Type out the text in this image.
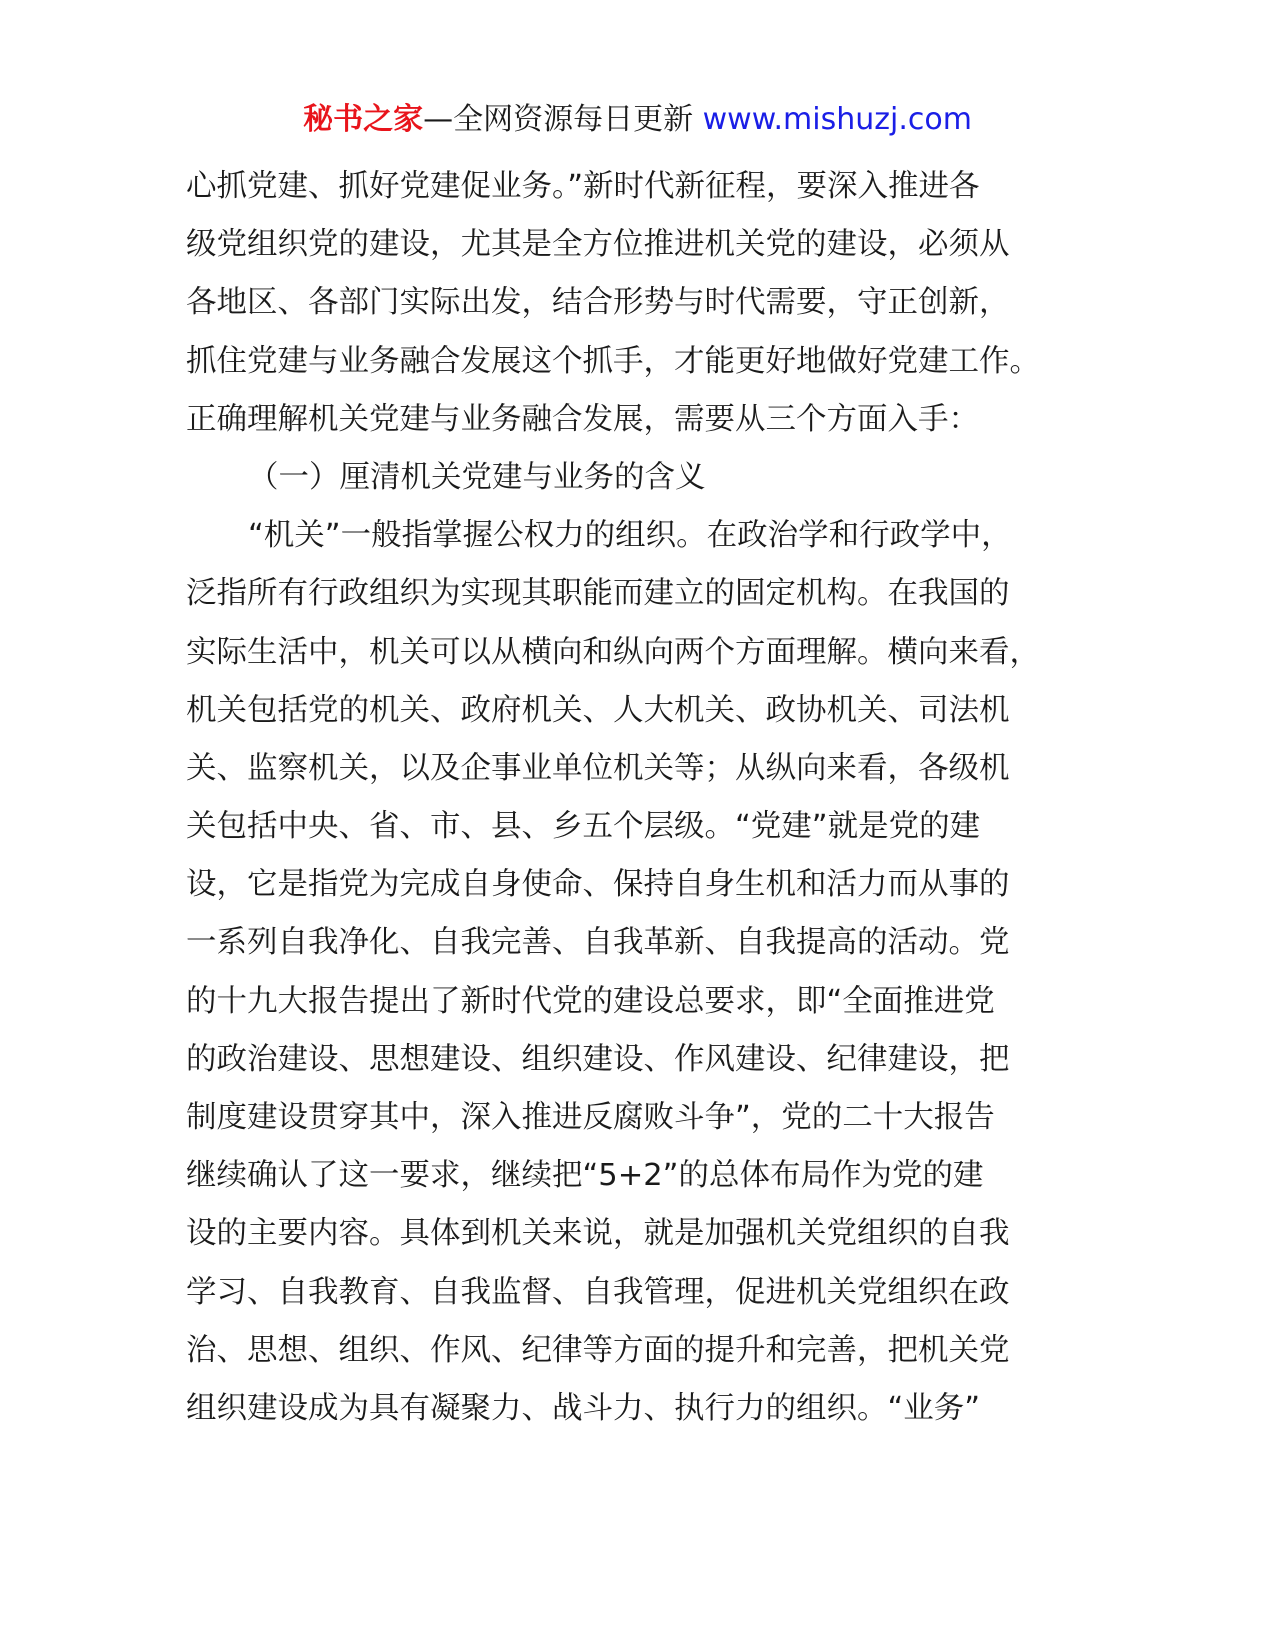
秘书之家—全网资源每日更新 www.mishuzj.com
心抓党建、抓好党建促业务。”新时代新征程，要深入推进各
级党组织党的建设，尤其是全方位推进机关党的建设，必须从
各地区、各部门实际出发，结合形势与时代需要，守正创新，
抓住党建与业务融合发展这个抓手，才能更好地做好党建工作。
正确理解机关党建与业务融合发展，需要从三个方面入手：
（一）厘清机关党建与业务的含义
“机关”一般指掌握公权力的组织。在政治学和行政学中，
泛指所有行政组织为实现其职能而建立的固定机构。在我国的
实际生活中，机关可以从横向和纵向两个方面理解。横向来看，
机关包括党的机关、政府机关、人大机关、政协机关、司法机
关、监察机关，以及企事业单位机关等；从纵向来看，各级机
关包括中央、省、市、县、乡五个层级。“党建”就是党的建
设，它是指党为完成自身使命、保持自身生机和活力而从事的
一系列自我净化、自我完善、自我革新、自我提高的活动。党
的十九大报告提出了新时代党的建设总要求，即“全面推进党
的政治建设、思想建设、组织建设、作风建设、纪律建设，把
制度建设贯穿其中，深入推进反腐败斗争”，党的二十大报告
继续确认了这一要求，继续把“5+2”的总体布局作为党的建
设的主要内容。具体到机关来说，就是加强机关党组织的自我
学习、自我教育、自我监督、自我管理，促进机关党组织在政
治、思想、组织、作风、纪律等方面的提升和完善，把机关党
组织建设成为具有凝聚力、战斗力、执行力的组织。“业务”
